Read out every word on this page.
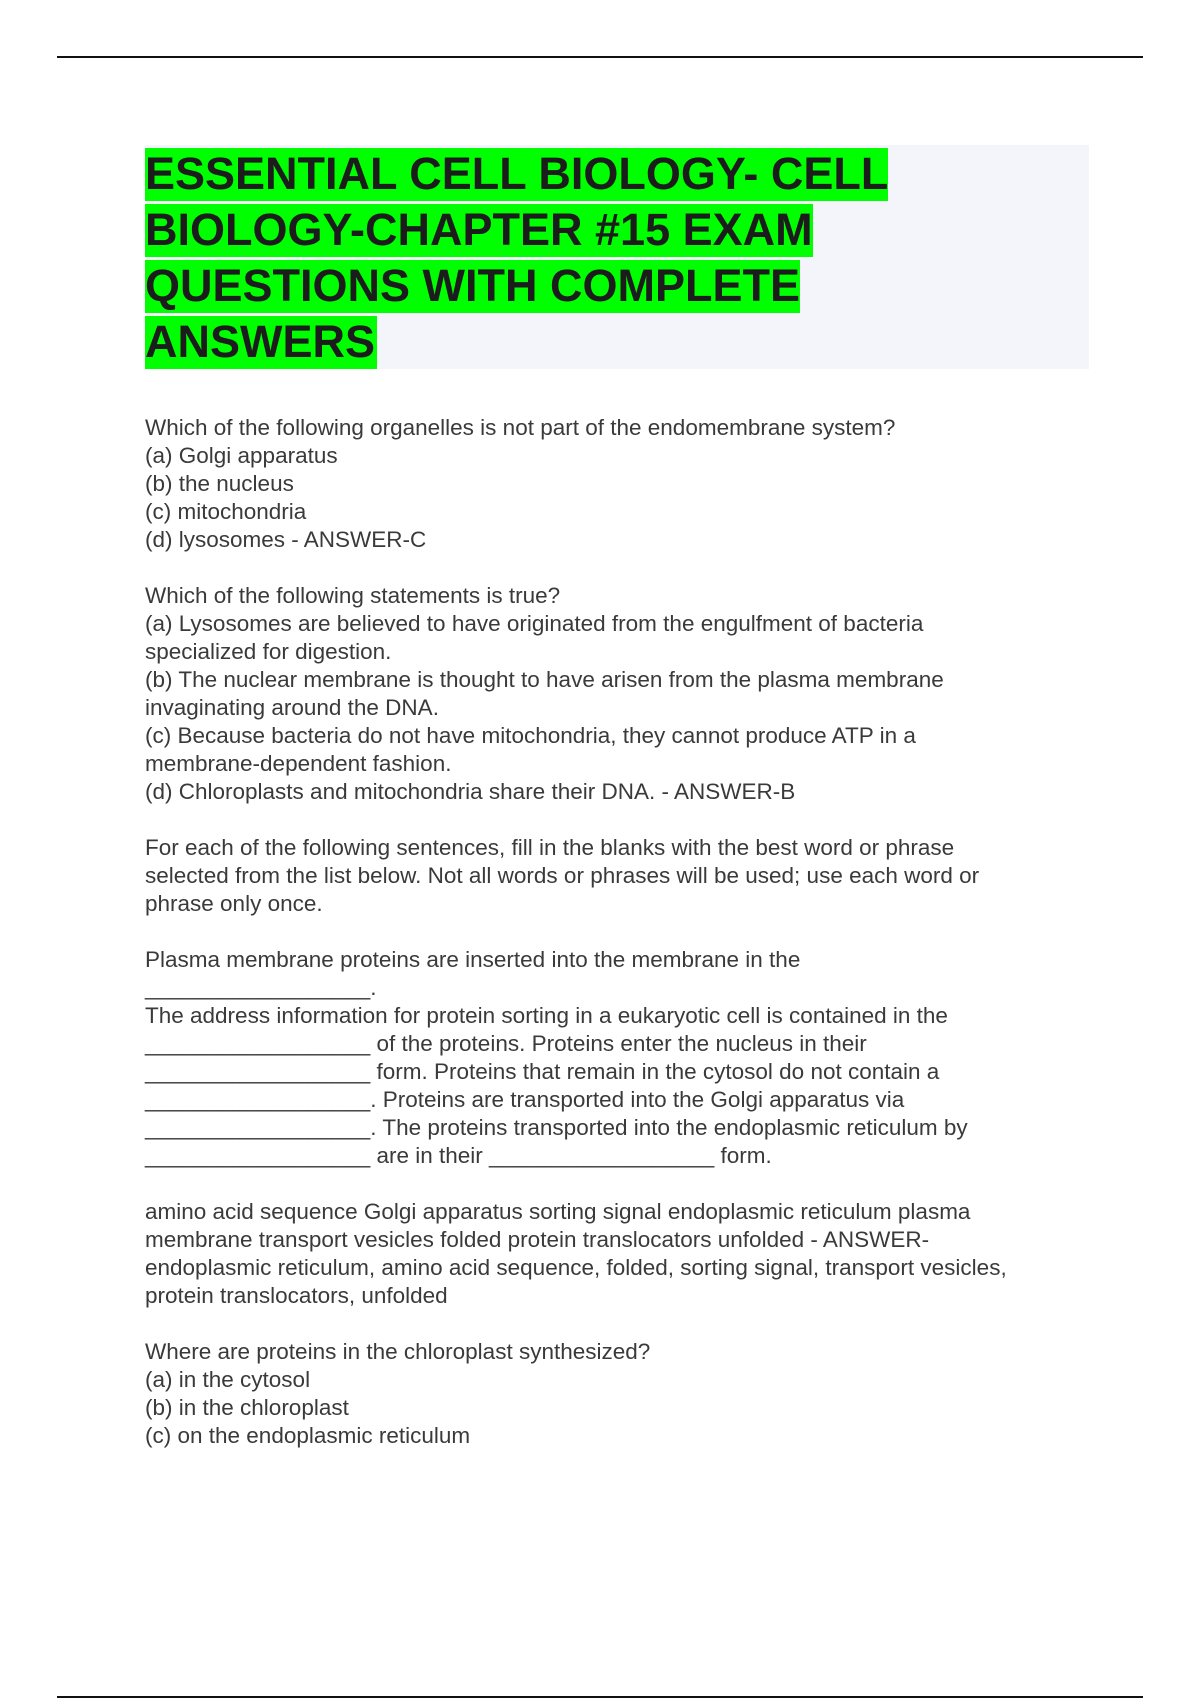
ESSENTIAL CELL BIOLOGY- CELL BIOLOGY-CHAPTER #15 EXAM QUESTIONS WITH COMPLETE ANSWERS
Which of the following organelles is not part of the endomembrane system?
(a) Golgi apparatus
(b) the nucleus
(c) mitochondria
(d) lysosomes - ANSWER-C
Which of the following statements is true?
(a) Lysosomes are believed to have originated from the engulfment of bacteria
specialized for digestion.
(b) The nuclear membrane is thought to have arisen from the plasma membrane
invaginating around the DNA.
(c) Because bacteria do not have mitochondria, they cannot produce ATP in a
membrane-dependent fashion.
(d) Chloroplasts and mitochondria share their DNA. - ANSWER-B
For each of the following sentences, fill in the blanks with the best word or phrase
selected from the list below. Not all words or phrases will be used; use each word or
phrase only once.
Plasma membrane proteins are inserted into the membrane in the
__________________.
The address information for protein sorting in a eukaryotic cell is contained in the
__________________ of the proteins. Proteins enter the nucleus in their
__________________ form. Proteins that remain in the cytosol do not contain a
__________________. Proteins are transported into the Golgi apparatus via
__________________. The proteins transported into the endoplasmic reticulum by
__________________ are in their __________________ form.
amino acid sequence Golgi apparatus sorting signal endoplasmic reticulum plasma
membrane transport vesicles folded protein translocators unfolded - ANSWER-
endoplasmic reticulum, amino acid sequence, folded, sorting signal, transport vesicles,
protein translocators, unfolded
Where are proteins in the chloroplast synthesized?
(a) in the cytosol
(b) in the chloroplast
(c) on the endoplasmic reticulum
